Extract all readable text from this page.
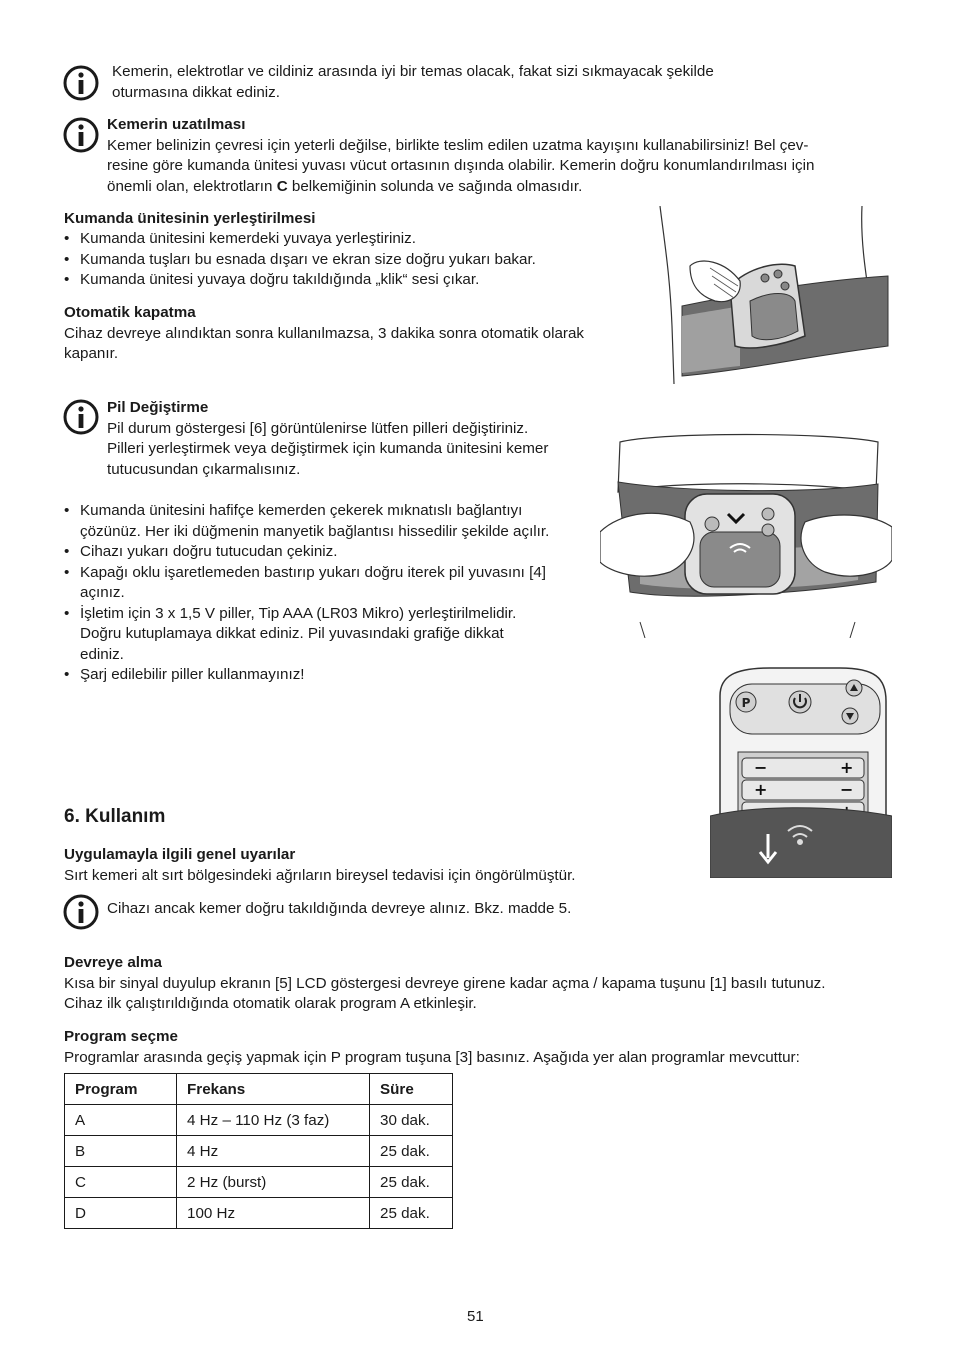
Kemerin, elektrotlar ve cildiniz arasında iyi bir temas olacak, fakat sizi sıkmayacak şekilde
oturmasına dikkat ediniz.
Kemerin uzatılması
Kemer belinizin çevresi için yeterli değilse, birlikte teslim edilen uzatma kayışını kullanabilirsiniz! Bel çev-
resine göre kumanda ünitesi yuvası vücut ortasının dışında olabilir. Kemerin doğru konumlandırılması için
önemli olan, elektrotların C belkemiğinin solunda ve sağında olmasıdır.
Kumanda ünitesinin yerleştirilmesi
• Kumanda ünitesini kemerdeki yuvaya yerleştiriniz.
• Kumanda tuşları bu esnada dışarı ve ekran size doğru yukarı bakar.
• Kumanda ünitesi yuvaya doğru takıldığında „klik“ sesi çıkar.
Otomatik kapatma
Cihaz devreye alındıktan sonra kullanılmazsa, 3 dakika sonra otomatik olarak
kapanır.
Pil Değiştirme
Pil durum göstergesi [6] görüntülenirse lütfen pilleri değiştiriniz.
Pilleri yerleştirmek veya değiştirmek için kumanda ünitesini kemer
tutucusundan çıkarmalısınız.
• Kumanda ünitesini hafifçe kemerden çekerek mıknatıslı bağlantıyı
çözünüz. Her iki düğmenin manyetik bağlantısı hissedilir şekilde açılır.
• Cihazı yukarı doğru tutucudan çekiniz.
• Kapağı oklu işaretlemeden bastırıp yukarı doğru iterek pil yuvasını [4]
açınız.
• İşletim için 3 x 1,5 V piller, Tip AAA (LR03 Mikro) yerleştirilmelidir.
Doğru kutuplamaya dikkat ediniz. Pil yuvasındaki grafiğe dikkat
ediniz.
• Şarj edilebilir piller kullanmayınız!
P
−	+
+	−
6. Kullanım
Uygulamayla ilgili genel uyarılar
Sırt kemeri alt sırt bölgesindeki ağrıların bireysel tedavisi için öngörülmüştür.
Cihazı ancak kemer doğru takıldığında devreye alınız. Bkz. madde 5.
Devreye alma
Kısa bir sinyal duyulup ekranın [5] LCD göstergesi devreye girene kadar açma / kapama tuşunu [1] basılı tutunuz.
Cihaz ilk çalıştırıldığında otomatik olarak program A etkinleşir.
Program seçme
Programlar arasında geçiş yapmak için P program tuşuna [3] basınız. Aşağıda yer alan programlar mevcuttur:
Program	Frekans	Süre
A	4 Hz – 110 Hz (3 faz)	30 dak.
B	4 Hz	25 dak.
C	2 Hz (burst)	25 dak.
D	100 Hz	25 dak.
51
